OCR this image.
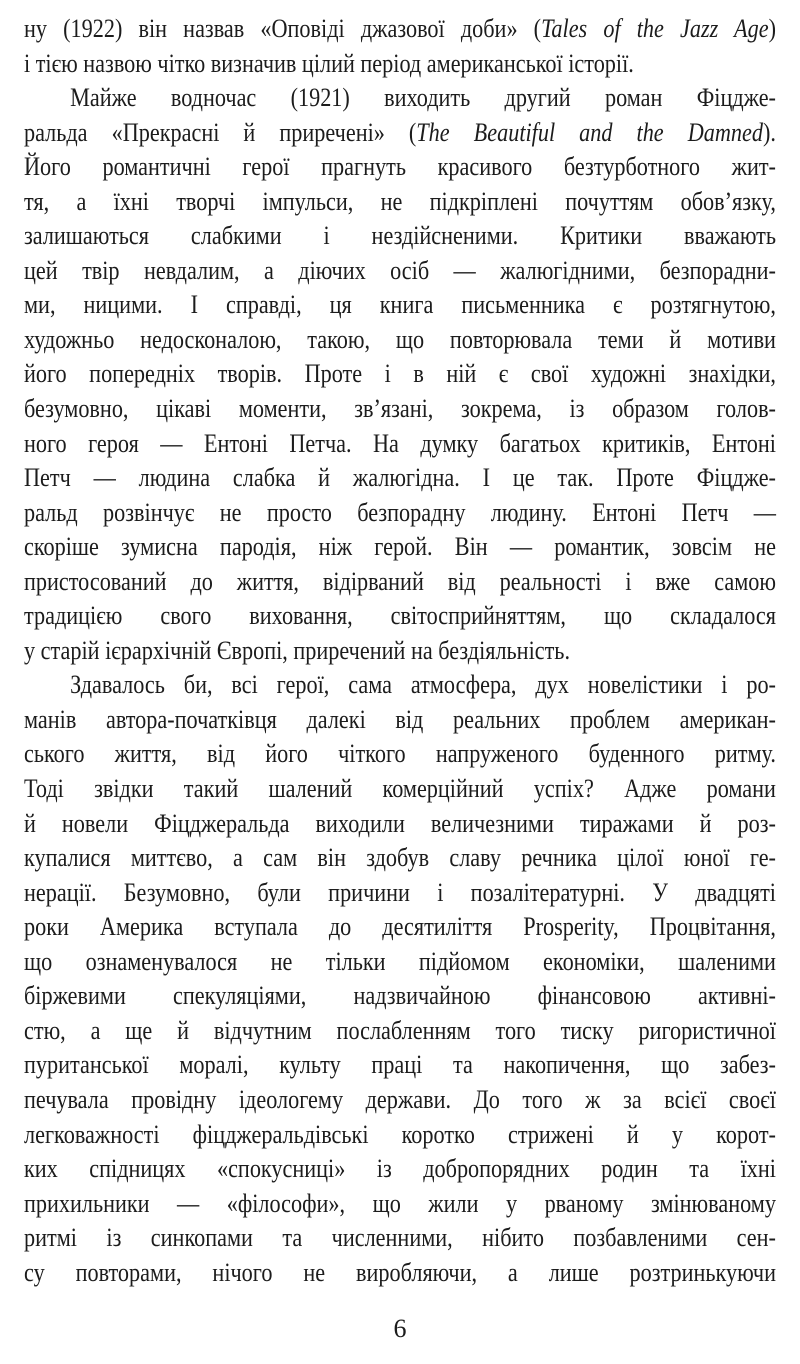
ну (1922) він назвав «Оповіді джазової доби» (Tales of the Jazz Age)
і тією назвою чітко визначив цілий період американської історії.
Майже водночас (1921) виходить другий роман Фіцдже-
ральда «Прекрасні й приречені» (The Beautiful and the Damned).
Його романтичні герої прагнуть красивого безтурботного жит-
тя, а їхні творчі імпульси, не підкріплені почуттям обов’язку,
залишаються слабкими і нездійсненими. Критики вважають
цей твір невдалим, а діючих осіб — жалюгідними, безпорадни-
ми, ницими. І справді, ця книга письменника є розтягнутою,
художньо недосконалою, такою, що повторювала теми й мотиви
його попередніх творів. Проте і в ній є свої художні знахідки,
безумовно, цікаві моменти, зв’язані, зокрема, із образом голов-
ного героя — Ентоні Петча. На думку багатьох критиків, Ентоні
Петч — людина слабка й жалюгідна. І це так. Проте Фіцдже-
ральд розвінчує не просто безпорадну людину. Ентоні Петч —
скоріше зумисна пародія, ніж герой. Він — романтик, зовсім не
пристосований до життя, відірваний від реальності і вже самою
традицією свого виховання, світосприйняттям, що складалося
у старій ієрархічній Європі, приречений на бездіяльність.
Здавалось би, всі герої, сама атмосфера, дух новелістики і ро-
манів автора-початківця далекі від реальних проблем американ-
ського життя, від його чіткого напруженого буденного ритму.
Тоді звідки такий шалений комерційний успіх? Адже романи
й новели Фіцджеральда виходили величезними тиражами й роз-
купалися миттєво, а сам він здобув славу речника цілої юної ге-
нерації. Безумовно, були причини і позалітературні. У двадцяті
роки Америка вступала до десятиліття Prosperity, Процвітання,
що ознаменувалося не тільки підйомом економіки, шаленими
біржевими спекуляціями, надзвичайною фінансовою активні-
стю, а ще й відчутним послабленням того тиску ригористичної
пуританської моралі, культу праці та накопичення, що забез-
печувала провідну ідеологему держави. До того ж за всієї своєї
легковажності фіцджеральдівські коротко стрижені й у корот-
ких спідницях «спокусниці» із добропорядних родин та їхні
прихильники — «філософи», що жили у рваному змінюваному
ритмі із синкопами та численними, нібито позбавленими сен-
су повторами, нічого не виробляючи, а лише розтринькуючи
6
